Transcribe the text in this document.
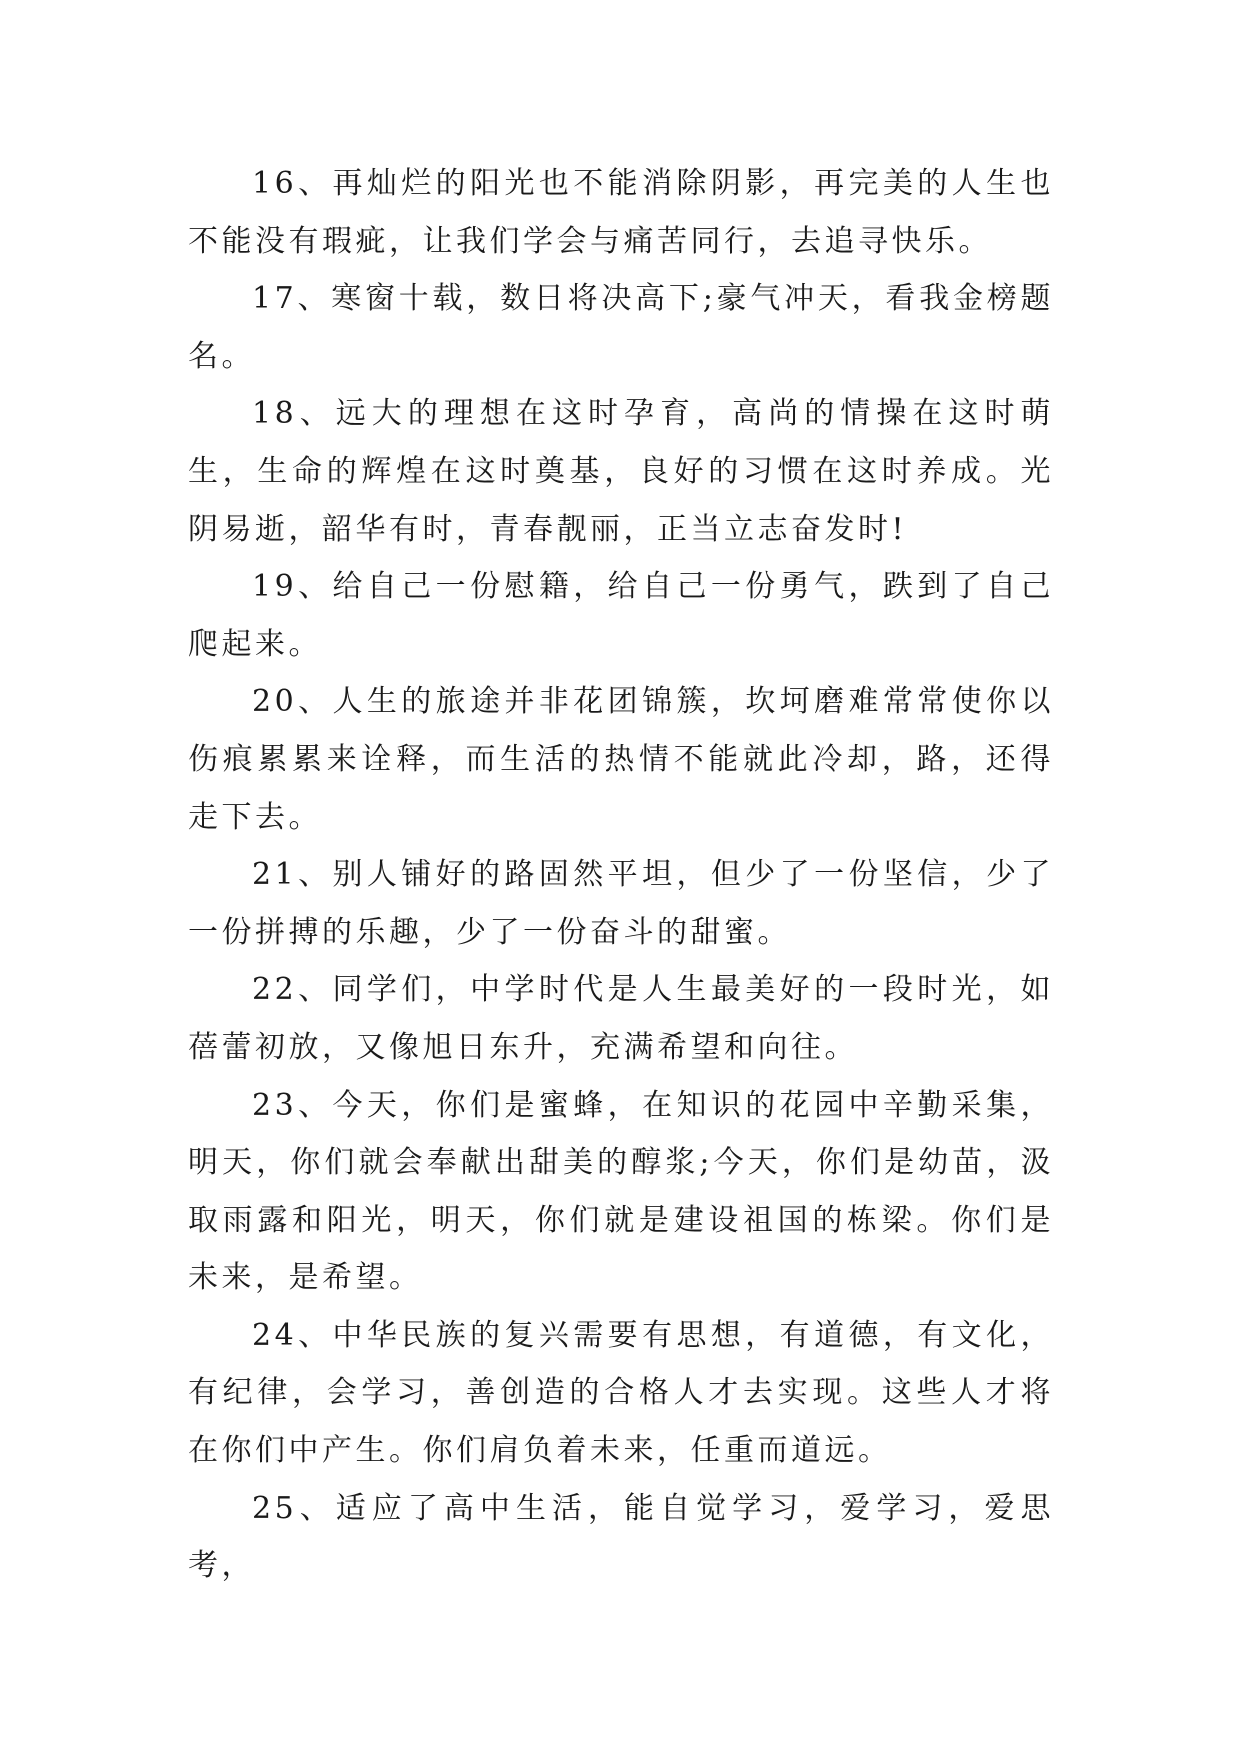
16、再灿烂的阳光也不能消除阴影，再完美的人生也不能没有瑕疵，让我们学会与痛苦同行，去追寻快乐。

17、寒窗十载，数日将决高下;豪气冲天，看我金榜题名。

18、远大的理想在这时孕育，高尚的情操在这时萌生，生命的辉煌在这时奠基，良好的习惯在这时养成。光阴易逝，韶华有时，青春靓丽，正当立志奋发时!

19、给自己一份慰籍，给自己一份勇气，跌到了自己爬起来。

20、人生的旅途并非花团锦簇，坎坷磨难常常使你以伤痕累累来诠释，而生活的热情不能就此冷却，路，还得走下去。

21、别人铺好的路固然平坦，但少了一份坚信，少了一份拼搏的乐趣，少了一份奋斗的甜蜜。

22、同学们，中学时代是人生最美好的一段时光，如蓓蕾初放，又像旭日东升，充满希望和向往。

23、今天，你们是蜜蜂，在知识的花园中辛勤采集，明天，你们就会奉献出甜美的醇浆;今天，你们是幼苗，汲取雨露和阳光，明天，你们就是建设祖国的栋梁。你们是未来，是希望。

24、中华民族的复兴需要有思想，有道德，有文化，有纪律，会学习，善创造的合格人才去实现。这些人才将在你们中产生。你们肩负着未来，任重而道远。

25、适应了高中生活，能自觉学习，爱学习，爱思考，
